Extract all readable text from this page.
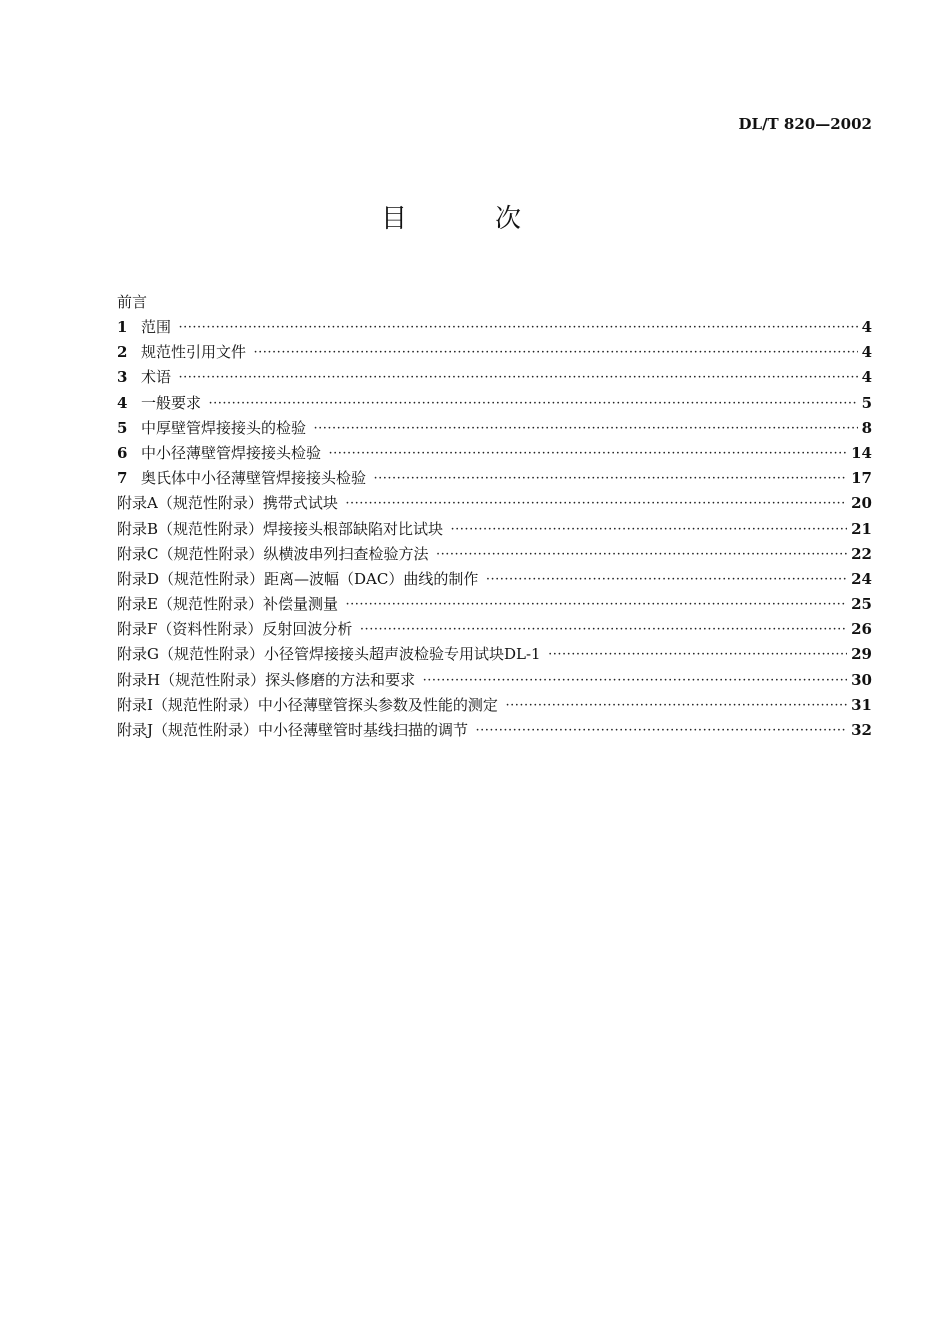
DL/T 820—2002
目次
前言
1 范围 ·····	4
2 规范性引用文件 ·····	4
3 术语 ·····	4
4 一般要求 ·····	5
5 中厚壁管焊接接头的检验 ·····	8
6 中小径薄壁管焊接接头检验 ·····	14
7 奥氏体中小径薄壁管焊接接头检验 ·····	17
附录A（规范性附录）携带式试块 ·····	20
附录B（规范性附录）焊接接头根部缺陷对比试块 ·····	21
附录C（规范性附录）纵横波串列扫查检验方法 ·····	22
附录D（规范性附录）距离—波幅（DAC）曲线的制作 ·····	24
附录E（规范性附录）补偿量测量 ·····	25
附录F（资料性附录）反射回波分析 ·····	26
附录G（规范性附录）小径管焊接接头超声波检验专用试块DL-1 ·····	29
附录H（规范性附录）探头修磨的方法和要求 ·····	30
附录I（规范性附录）中小径薄壁管探头参数及性能的测定 ·····	31
附录J（规范性附录）中小径薄壁管时基线扫描的调节 ·····	32
